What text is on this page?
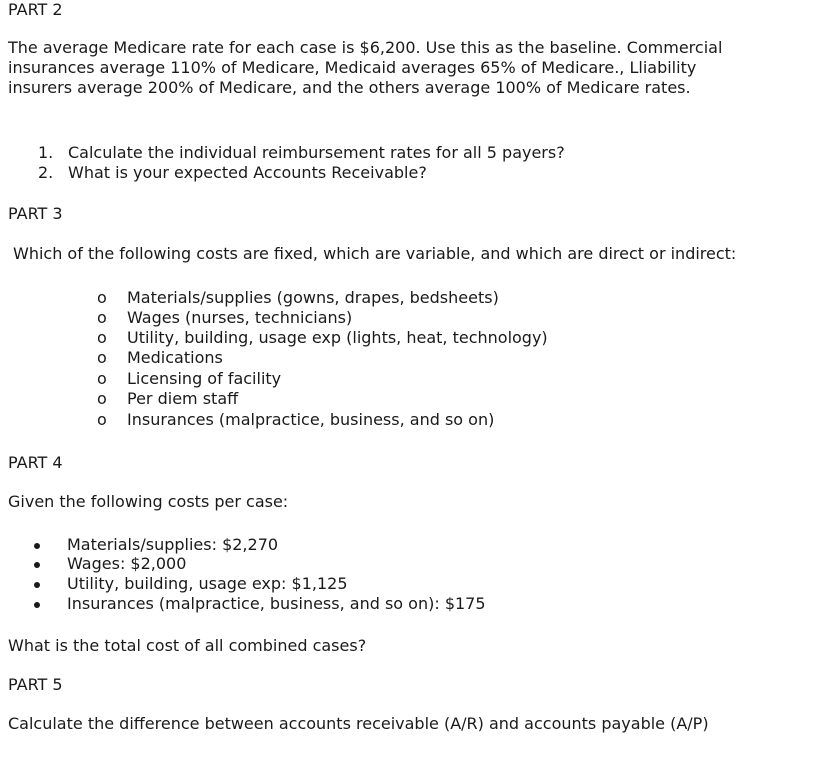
PART 2

The average Medicare rate for each case is $6,200. Use this as the baseline. Commercial

insurances average 110% of Medicare, Medicaid averages 65% of Medicare., Lliability

insurers average 200% of Medicare, and the others average 100% of Medicare rates.

1. Calculate the individual reimbursement rates for all 5 payers?
2. What is your expected Accounts Receivable?

PART 3

Which of the following costs are fixed, which are variable, and which are direct or indirect:

o Materials/supplies (gowns, drapes, bedsheets)
o Wages (nurses, technicians)
o Utility, building, usage exp (lights, heat, technology)
o Medications
o Licensing of facility
o Per diem staff
o Insurances (malpractice, business, and so on)

PART 4

Given the following costs per case:

Materials/supplies: $2,270
Wages: $2,000
Utility, building, usage exp: $1,125
Insurances (malpractice, business, and so on): $175

What is the total cost of all combined cases?

PART 5

Calculate the difference between accounts receivable (A/R) and accounts payable (A/P)
